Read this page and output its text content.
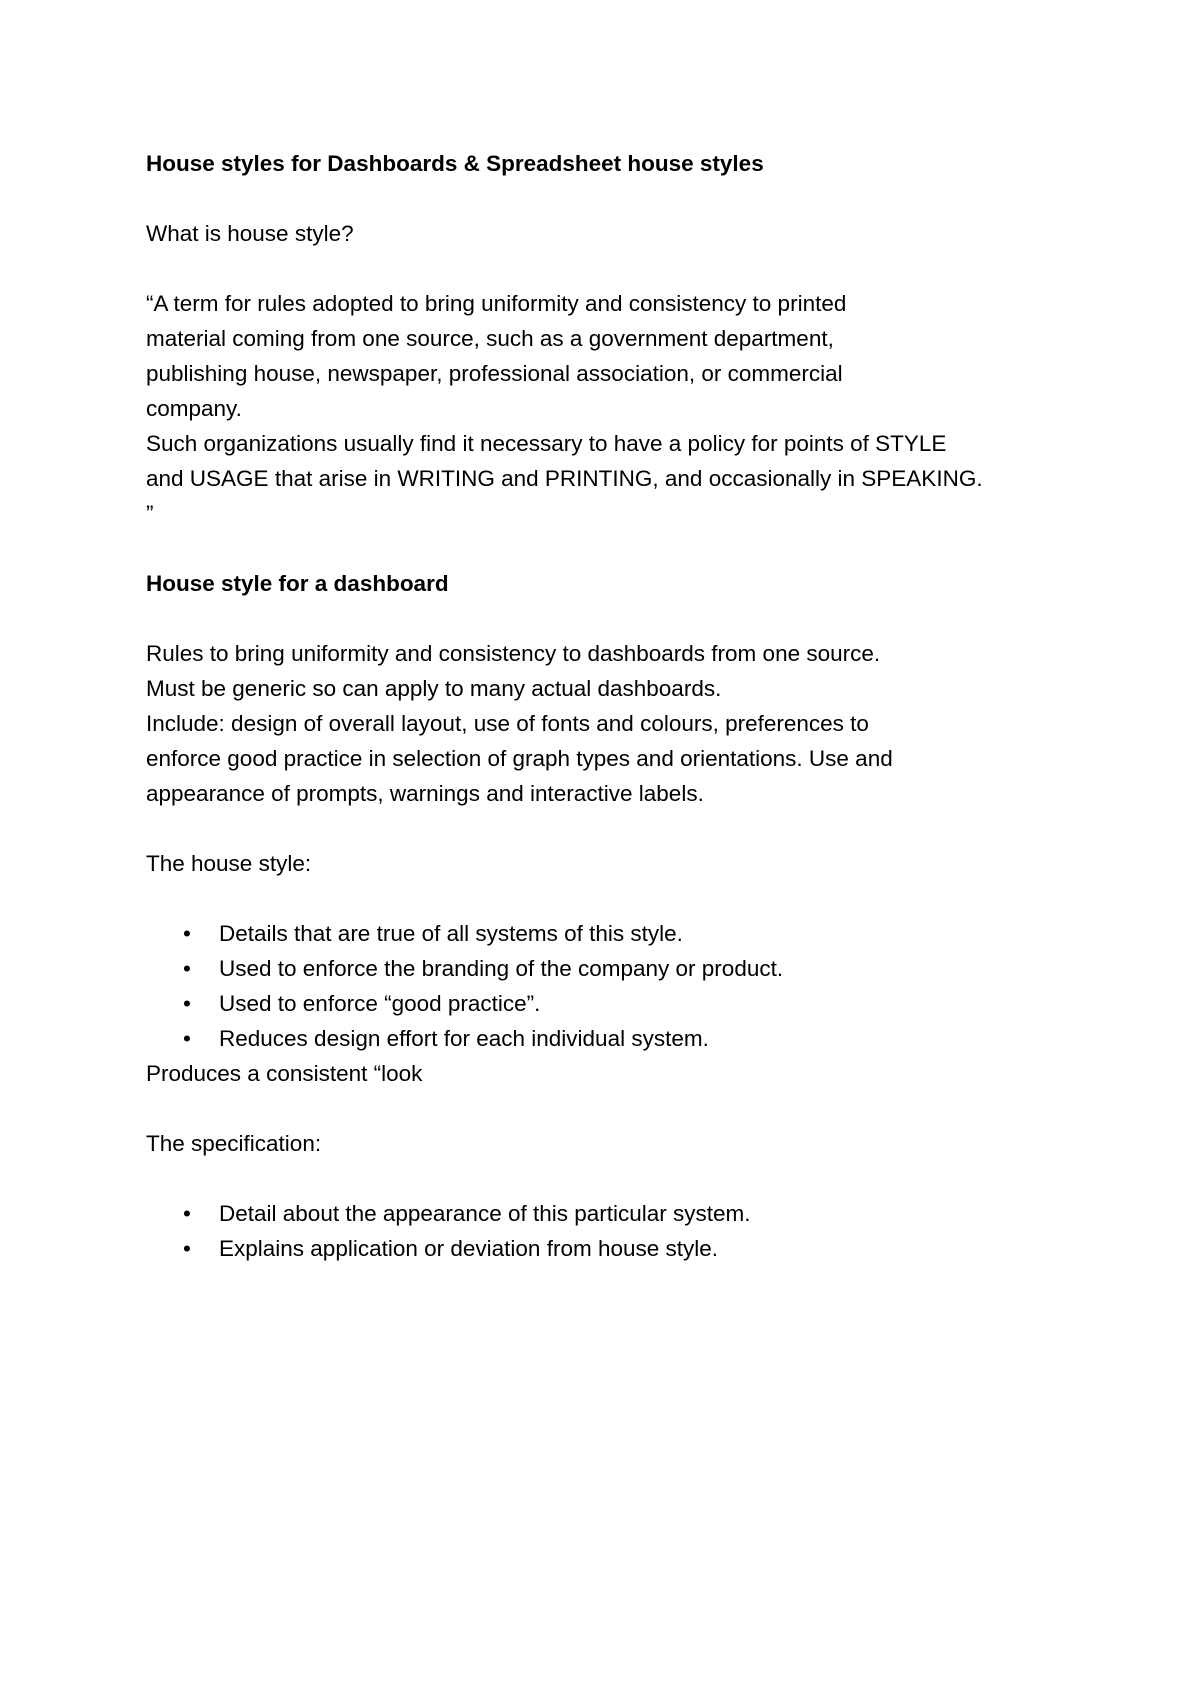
House styles for Dashboards & Spreadsheet house styles
What is house style?
“A term for rules adopted to bring uniformity and consistency to printed
material coming from one source, such as a government department,
publishing house, newspaper, professional association, or commercial
company.
Such organizations usually find it necessary to have a policy for points of STYLE
and USAGE that arise in WRITING and PRINTING, and occasionally in SPEAKING.
”
House style for a dashboard
Rules to bring uniformity and consistency to dashboards from one source.
Must be generic so can apply to many actual dashboards.
Include: design of overall layout, use of fonts and colours, preferences to
enforce good practice in selection of graph types and orientations. Use and
appearance of prompts, warnings and interactive labels.
The house style:
•	Details that are true of all systems of this style.
•	Used to enforce the branding of the company or product.
•	Used to enforce “good practice”.
•	Reduces design effort for each individual system.
Produces a consistent “look
The specification:
•	Detail about the appearance of this particular system.
•	Explains application or deviation from house style.
